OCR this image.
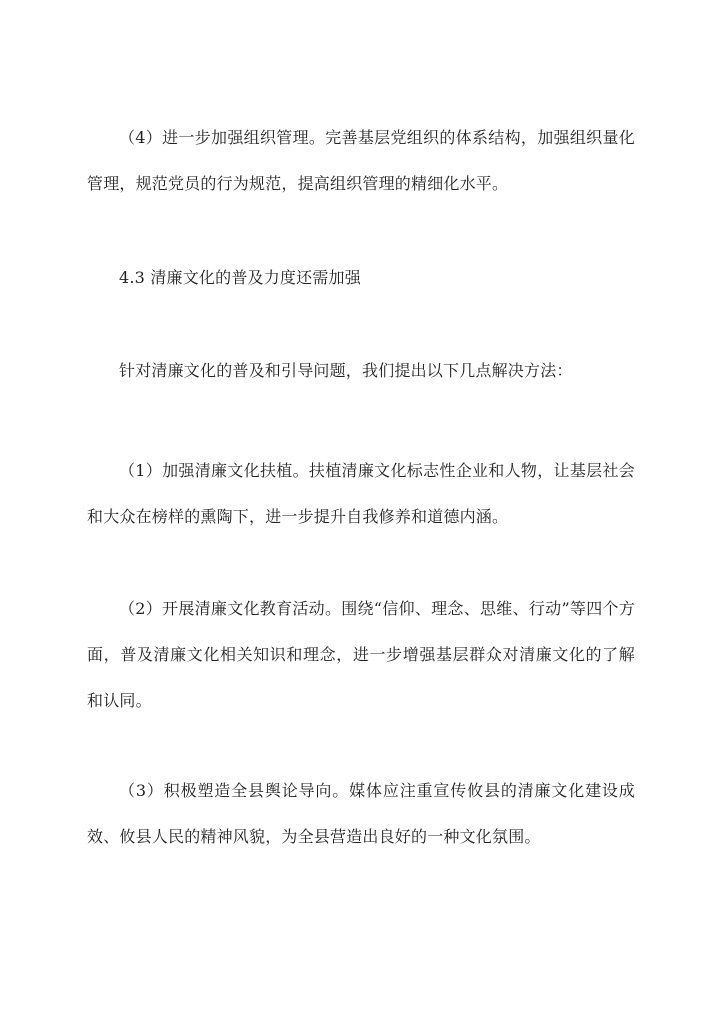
（4）进一步加强组织管理。完善基层党组织的体系结构，加强组织量化管理，规范党员的行为规范，提高组织管理的精细化水平。

4.3 清廉文化的普及力度还需加强

针对清廉文化的普及和引导问题，我们提出以下几点解决方法：

（1）加强清廉文化扶植。扶植清廉文化标志性企业和人物，让基层社会和大众在榜样的熏陶下，进一步提升自我修养和道德内涵。

（2）开展清廉文化教育活动。围绕“信仰、理念、思维、行动”等四个方面，普及清廉文化相关知识和理念，进一步增强基层群众对清廉文化的了解和认同。

（3）积极塑造全县舆论导向。媒体应注重宣传攸县的清廉文化建设成效、攸县人民的精神风貌，为全县营造出良好的一种文化氛围。
